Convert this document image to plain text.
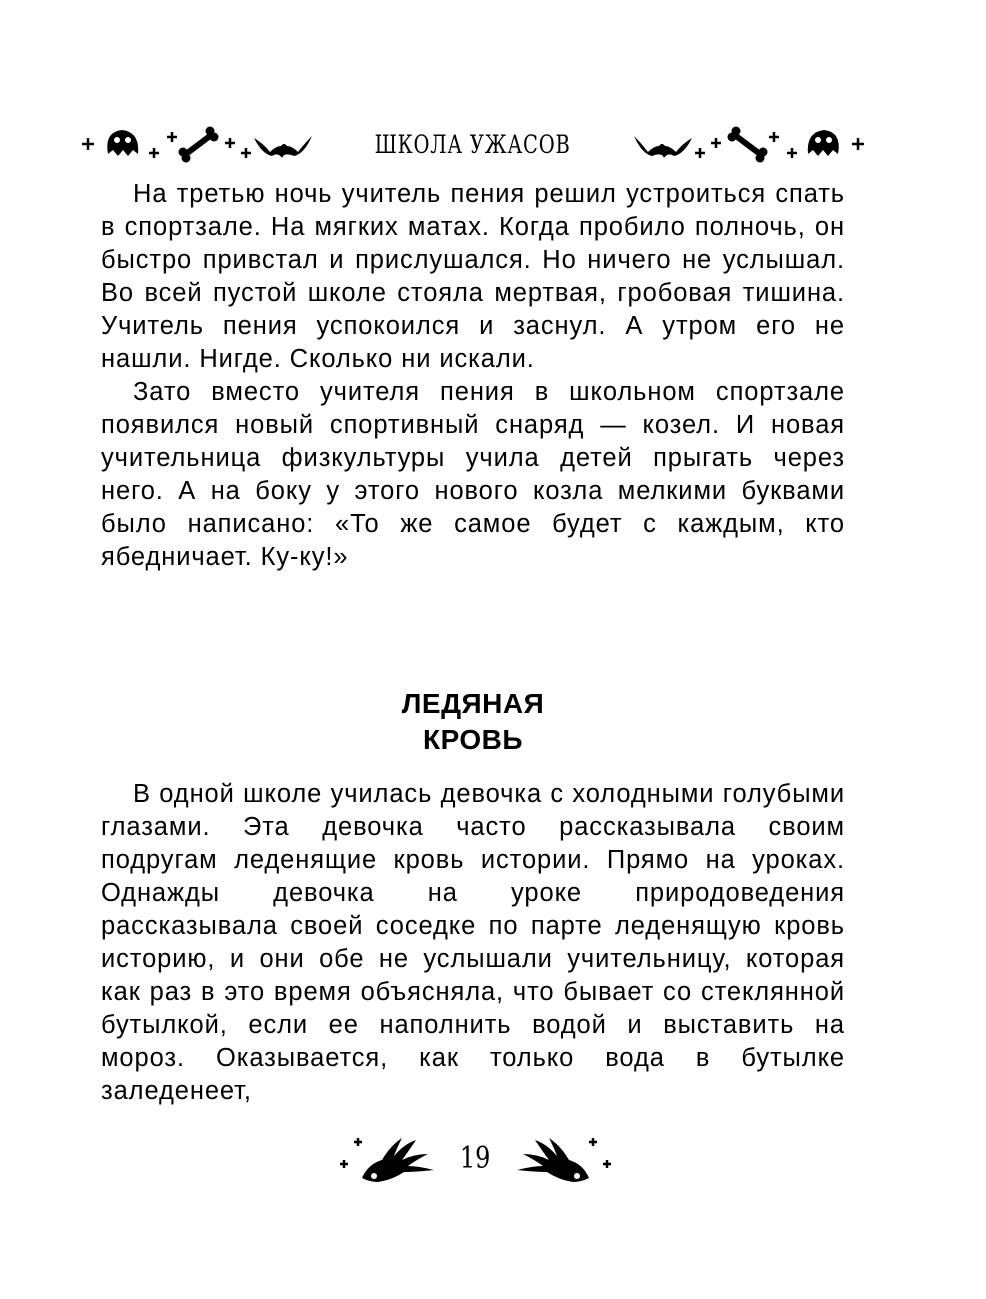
ШКОЛА УЖАСОВ

На третью ночь учитель пения решил устроиться спать в спортзале. На мягких матах. Когда пробило полночь, он быстро привстал и прислушался. Но ничего не услышал. Во всей пустой школе стояла мертвая, гробовая тишина. Учитель пения успокоился и заснул. А утром его не нашли. Нигде. Сколько ни искали.

Зато вместо учителя пения в школьном спортзале появился новый спортивный снаряд — козел. И новая учительница физкультуры учила детей прыгать через него. А на боку у этого нового козла мелкими буквами было написано: «То же самое будет с каждым, кто ябедничает. Ку-ку!»

ЛЕДЯНАЯ
КРОВЬ

В одной школе училась девочка с холодными голубыми глазами. Эта девочка часто рассказывала своим подругам леденящие кровь истории. Прямо на уроках. Однажды девочка на уроке природоведения рассказывала своей соседке по парте леденящую кровь историю, и они обе не услышали учительницу, которая как раз в это время объясняла, что бывает со стеклянной бутылкой, если ее наполнить водой и выставить на мороз. Оказывается, как только вода в бутылке заледенеет,

19
